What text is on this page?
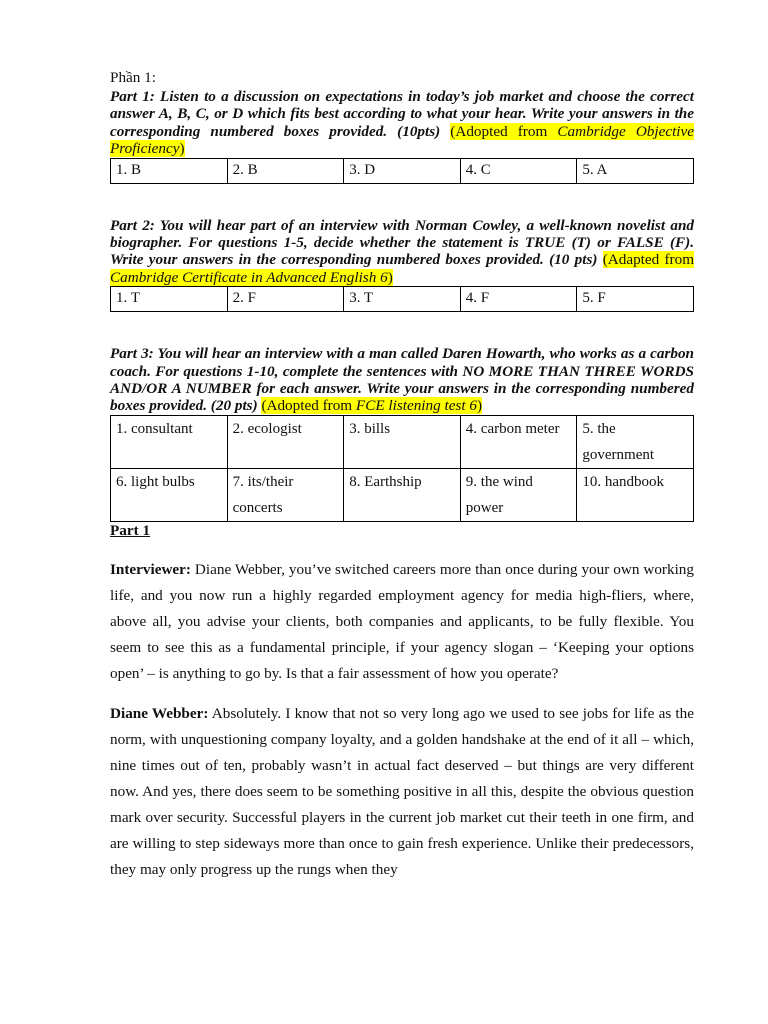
Phần 1:

Part 1: Listen to a discussion on expectations in today’s job market and choose the correct answer A, B, C, or D which fits best according to what your hear. Write your answers in the corresponding numbered boxes provided. (10pts) (Adopted from Cambridge Objective Proficiency)

1. B	2. B	3. D	4. C	5. A

Part 2: You will hear part of an interview with Norman Cowley, a well-known novelist and biographer. For questions 1-5, decide whether the statement is TRUE (T) or FALSE (F). Write your answers in the corresponding numbered boxes provided. (10 pts) (Adapted from Cambridge Certificate in Advanced English 6)

1. T	2. F	3. T	4. F	5. F

Part 3: You will hear an interview with a man called Daren Howarth, who works as a carbon coach. For questions 1-10, complete the sentences with NO MORE THAN THREE WORDS AND/OR A NUMBER for each answer. Write your answers in the corresponding numbered boxes provided. (20 pts) (Adopted from FCE listening test 6)

1. consultant	2. ecologist	3. bills	4. carbon meter	5. the government
6. light bulbs	7. its/their concerts	8. Earthship	9. the wind power	10. handbook

Part 1

Interviewer: Diane Webber, you’ve switched careers more than once during your own working life, and you now run a highly regarded employment agency for media high-fliers, where, above all, you advise your clients, both companies and applicants, to be fully flexible. You seem to see this as a fundamental principle, if your agency slogan – ‘Keeping your options open’ – is anything to go by. Is that a fair assessment of how you operate?

Diane Webber: Absolutely. I know that not so very long ago we used to see jobs for life as the norm, with unquestioning company loyalty, and a golden handshake at the end of it all – which, nine times out of ten, probably wasn’t in actual fact deserved – but things are very different now. And yes, there does seem to be something positive in all this, despite the obvious question mark over security. Successful players in the current job market cut their teeth in one firm, and are willing to step sideways more than once to gain fresh experience. Unlike their predecessors, they may only progress up the rungs when they
